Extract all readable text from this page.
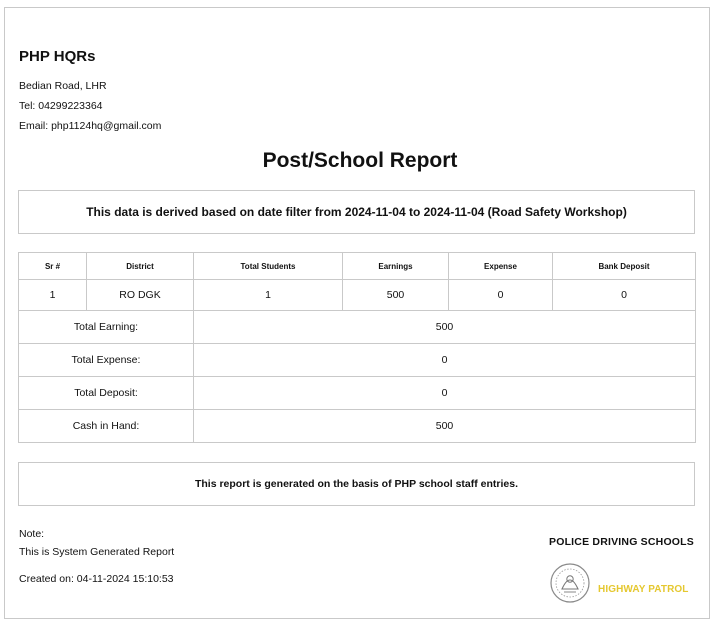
PHP HQRs
Bedian Road, LHR
Tel: 04299223364
Email: php1124hq@gmail.com
Post/School Report
This data is derived based on date filter from 2024-11-04 to 2024-11-04 (Road Safety Workshop)
Sr #	District	Total Students	Earnings	Expense	Bank Deposit
1	RO DGK	1	500	0	0
Total Earning:		500			
Total Expense:		0			
Total Deposit:		0			
Cash in Hand:		500			
This report is generated on the basis of PHP school staff entries.
Note:
This is System Generated Report
Created on: 04-11-2024 15:10:53
POLICE DRIVING SCHOOLS
HIGHWAY PATROL
